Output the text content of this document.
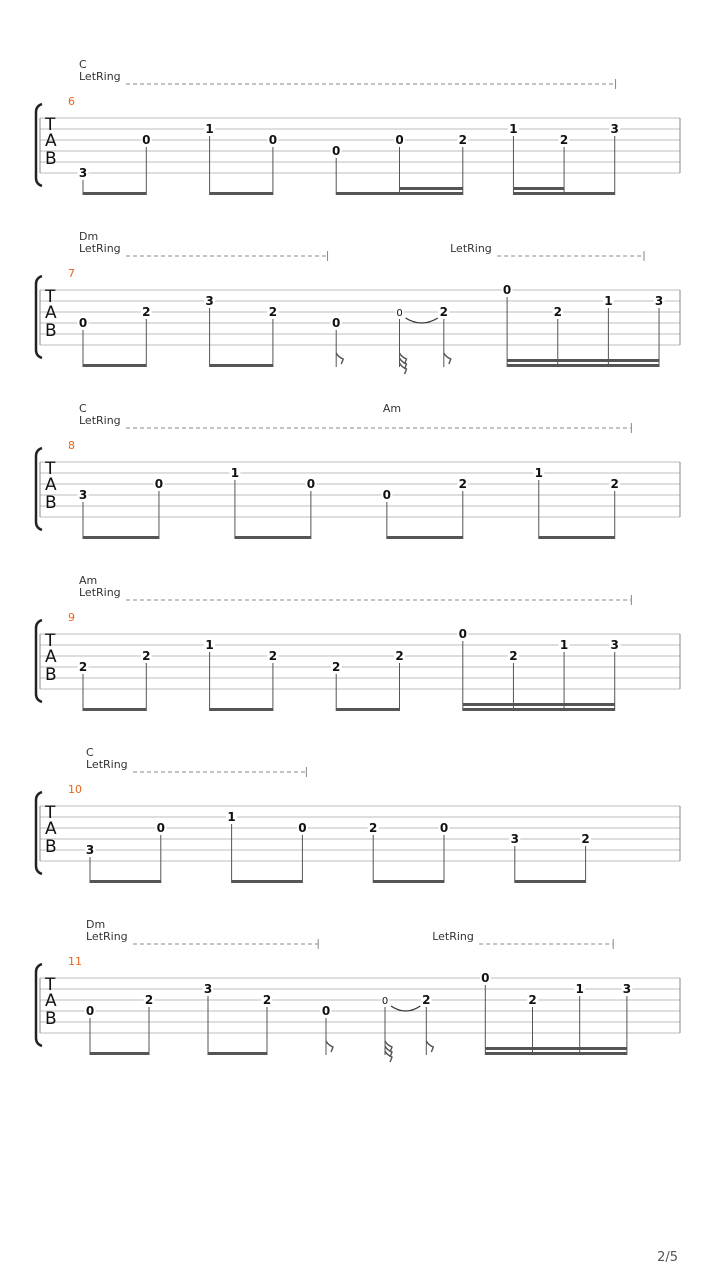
T
A
B
6
C
LetRing
3
0
1
0
0
0	2
1
2
3
T
A
B
7
Dm
LetRing	LetRing
0
2
3
2
0
0	2
0
2
1	3
T
A
B
8
C	Am
LetRing
3
0
1
0
0
2
1
2
T
A
B
9
Am
LetRing
2
2
1
2
2
2
0
2
1	3
T
A
B
10
C
LetRing
3
0
1
0	2	0
3	2
T
A
B
11
Dm
LetRing	LetRing
0
2
3
2
0
0	2
0
2
1	3
2/5
